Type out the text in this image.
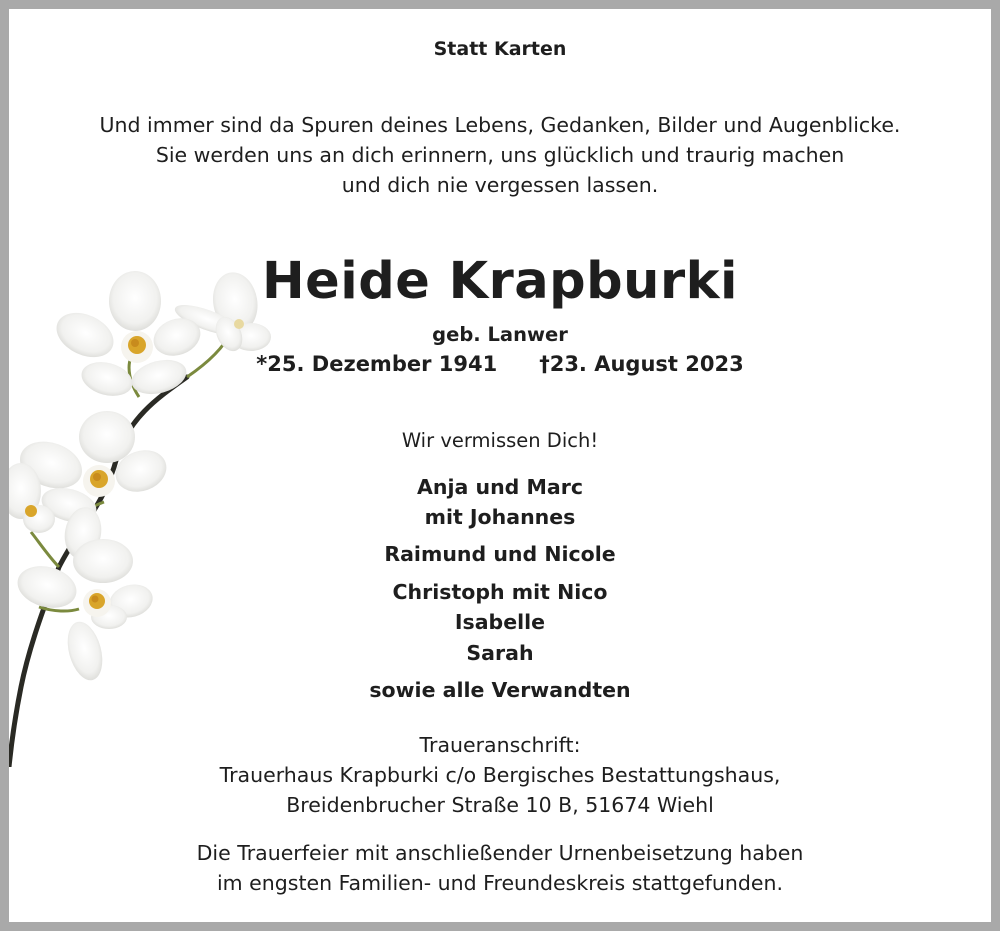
Statt Karten
Und immer sind da Spuren deines Lebens, Gedanken, Bilder und Augenblicke.
Sie werden uns an dich erinnern, uns glücklich und traurig machen
und dich nie vergessen lassen.
Heide Krapburki
geb. Lanwer
*25. Dezember 1941 †23. August 2023
Wir vermissen Dich!
Anja und Marc
mit Johannes
Raimund und Nicole
Christoph mit Nico
Isabelle
Sarah
sowie alle Verwandten
Traueranschrift:
Trauerhaus Krapburki c/o Bergisches Bestattungshaus,
Breidenbrucher Straße 10 B, 51674 Wiehl
Die Trauerfeier mit anschließender Urnenbeisetzung haben
im engsten Familien- und Freundeskreis stattgefunden.
